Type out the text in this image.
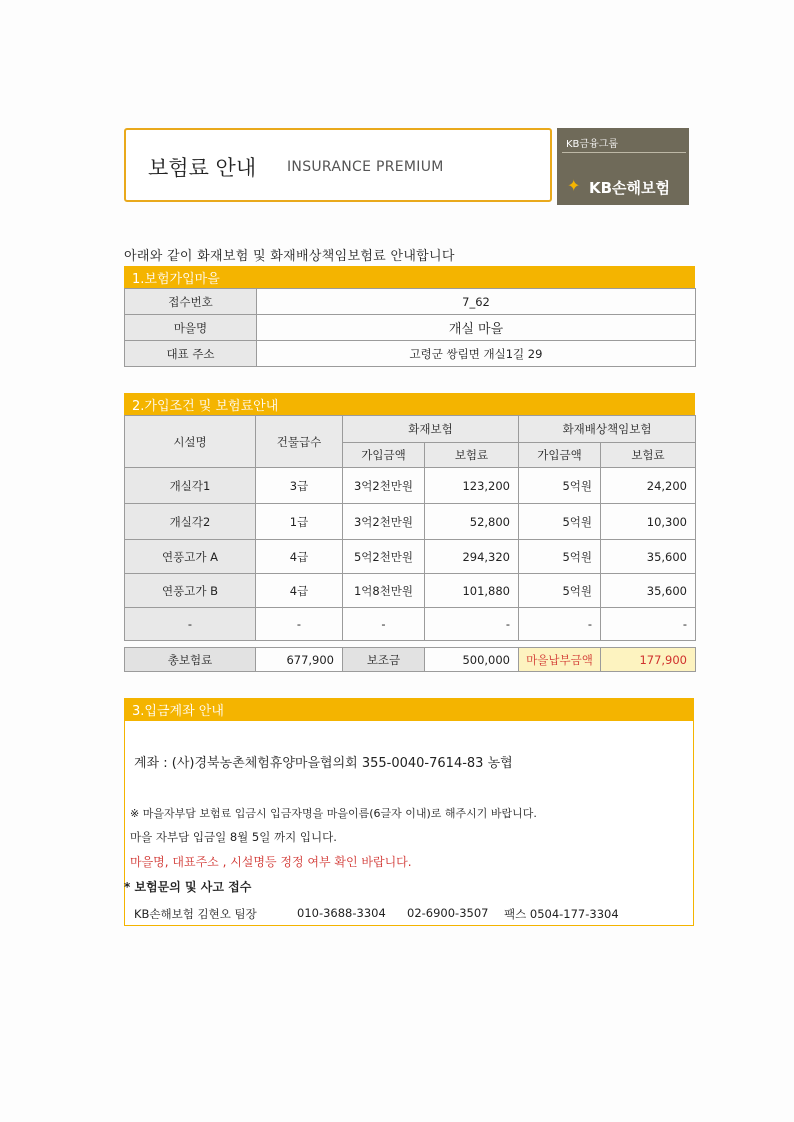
보험료 안내 INSURANCE PREMIUM
KB금융그룹
✦ KB손해보험
아래와 같이 화재보험 및 화재배상책임보험료 안내합니다
1.보험가입마을
접수번호	7_62
마을명	개실 마을
대표 주소	고령군 쌍림면 개실1길 29
2.가입조건 및 보험료안내
시설명	건물급수	화재보험		화재배상책임보험	
		가입금액	보험료	가입금액	보험료
개실각1	3급	3억2천만원	123,200	5억원	24,200
개실각2	1급	3억2천만원	52,800	5억원	10,300
연풍고가 A	4급	5억2천만원	294,320	5억원	35,600
연풍고가 B	4급	1억8천만원	101,880	5억원	35,600
-	-	-	-	-	-
총보험료	677,900	보조금	500,000	마을납부금액	177,900
3.입금계좌 안내
계좌 : (사)경북농촌체험휴양마을협의회 355-0040-7614-83 농협
※ 마을자부담 보험료 입금시 입금자명을 마을이름(6글자 이내)로 해주시기 바랍니다.
마을 자부담 입금일 8월 5일 까지 입니다.
마을명, 대표주소 , 시설명등 정정 여부 확인 바랍니다.
* 보험문의 및 사고 접수
KB손해보험 김현오 팀장	010-3688-3304 02-6900-3507 팩스 0504-177-3304
